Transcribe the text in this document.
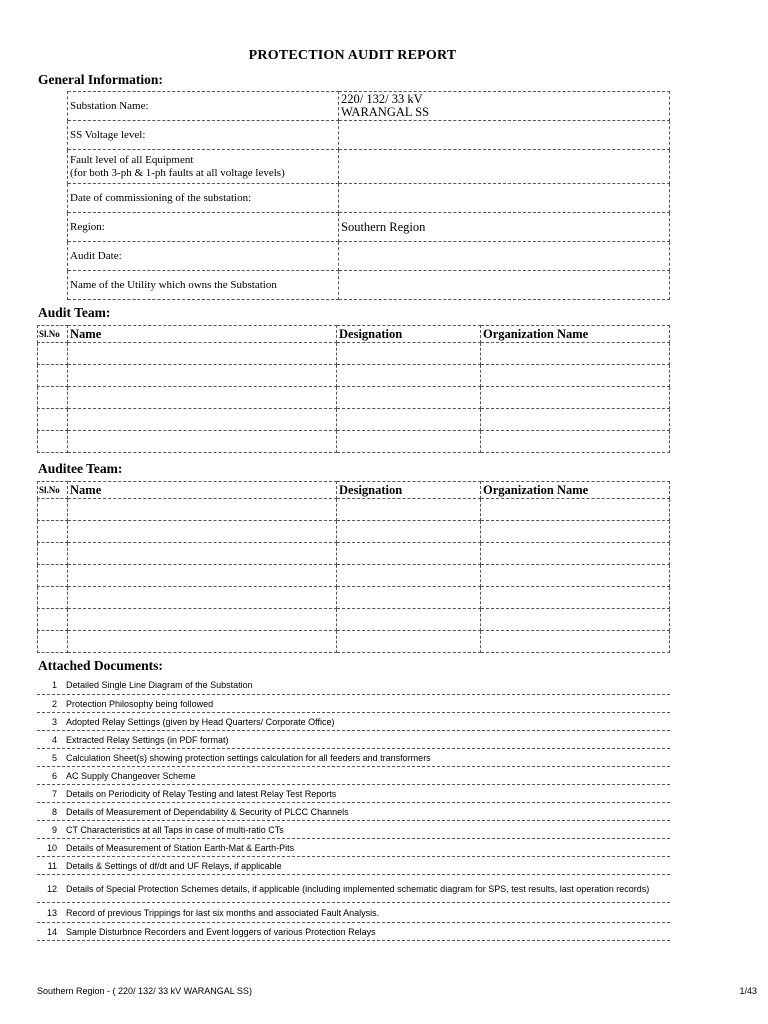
PROTECTION AUDIT REPORT
General Information:
	Substation Name:	220/ 132/ 33 kV
WARANGAL SS

	SS Voltage level:	

	Fault level of all Equipment
(for both 3-ph & 1-ph faults at all voltage levels)	

	Date of commissioning of the substation:	
	Region:	Southern Region
	Audit Date:	
	Name of the Utility which owns the Substation	
Audit Team:
Sl.No	Name	Designation	Organization Name

Auditee Team:
Sl.No	Name	Designation	Organization Name

Attached Documents:
1	Detailed Single Line Diagram of the Substation
2	Protection Philosophy being followed
3	Adopted Relay Settings (given by Head Quarters/ Corporate Office)
4	Extracted Relay Settings (in PDF format)
5	Calculation Sheet(s) showing protection settings calculation for all feeders and transformers
6	AC Supply Changeover Scheme
7	Details on Periodicity of Relay Testing and latest Relay Test Reports
8	Details of Measurement of Dependability & Security of PLCC Channels
9	CT Characteristics at all Taps in case of multi-ratio CTs
10	Details of Measurement of Station Earth-Mat & Earth-Pits
11	Details & Settings of df/dt and UF Relays, if applicable
12	Details of Special Protection Schemes details, if applicable (including implemented schematic diagram for SPS, test results, last operation records)
13	Record of previous Trippings for last six months and associated Fault Analysis.
14	Sample Disturbnce Recorders and Event loggers of various Protection Relays
Southern Region - ( 220/ 132/ 33 kV WARANGAL SS)	1/43
